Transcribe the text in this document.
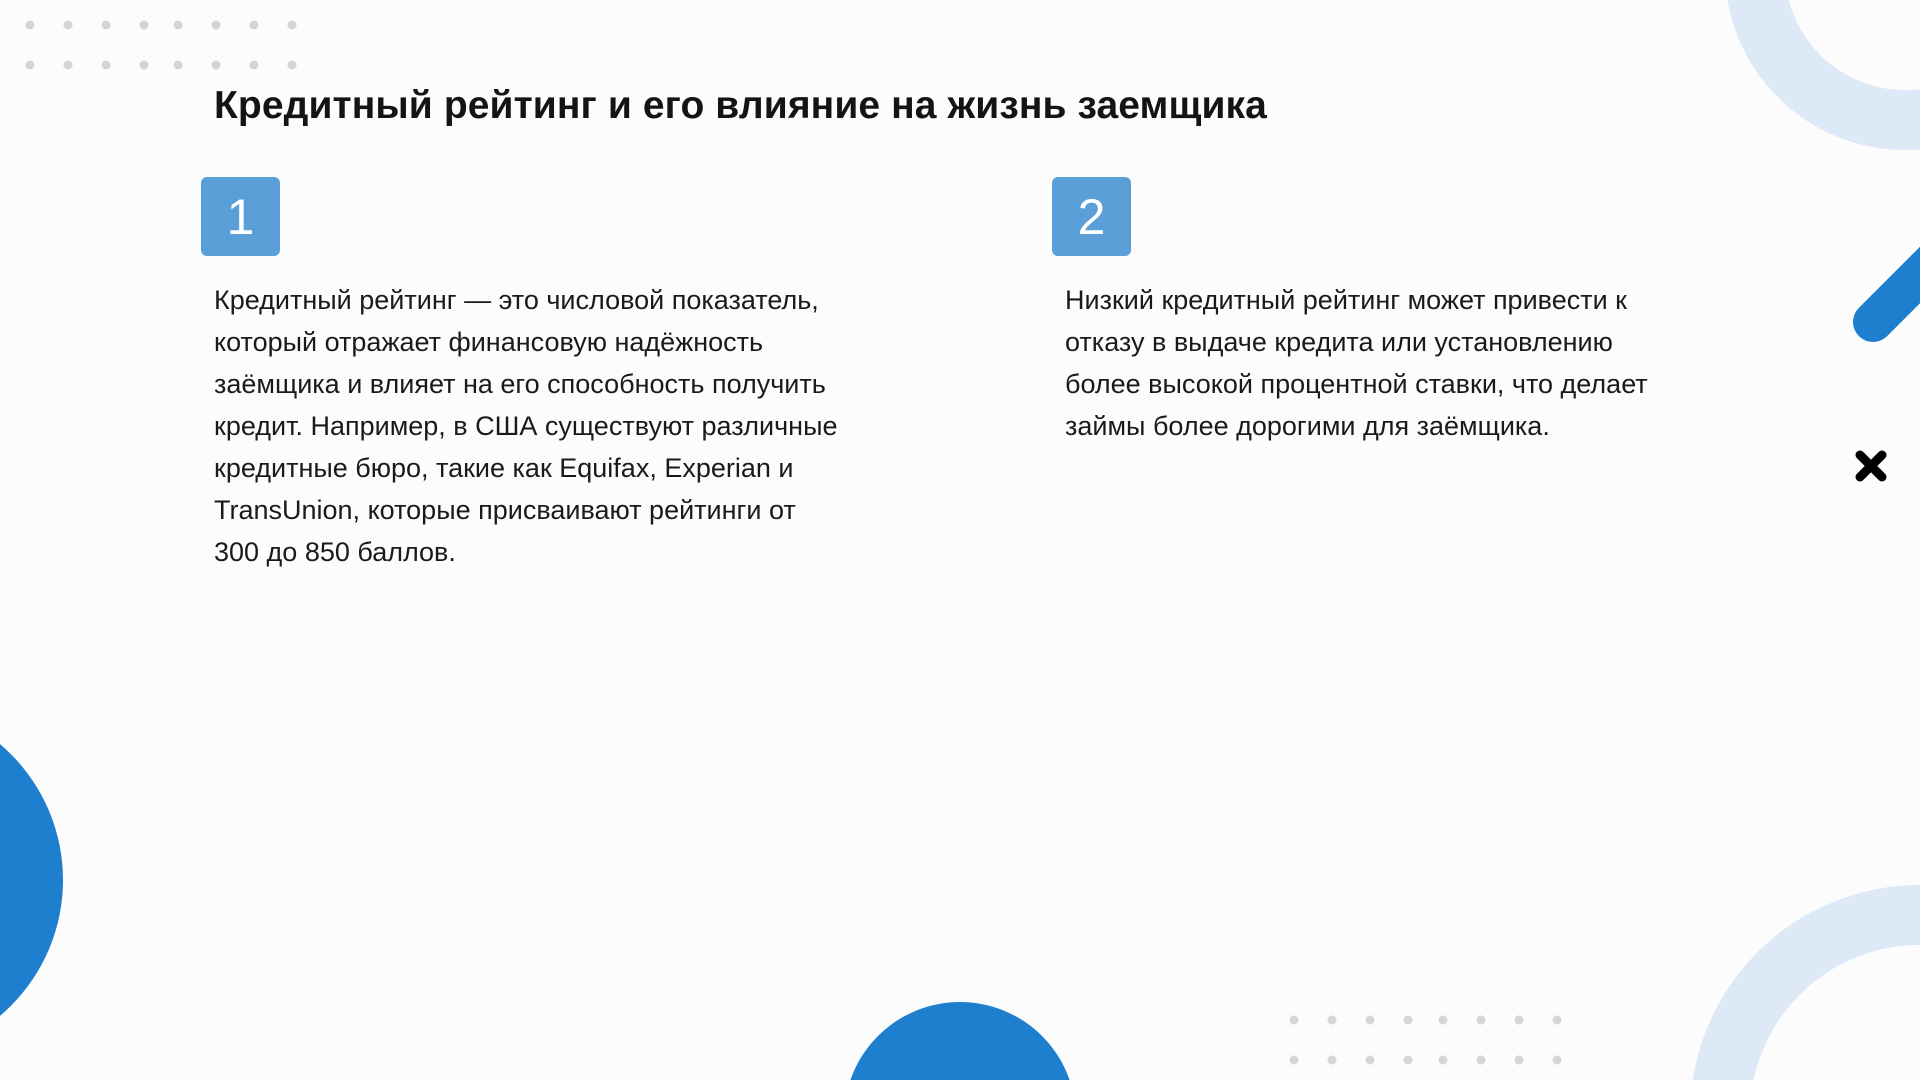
Кредитный рейтинг и его влияние на жизнь заемщика
1
Кредитный рейтинг — это числовой показатель, который отражает финансовую надёжность заёмщика и влияет на его способность получить кредит. Например, в США существуют различные кредитные бюро, такие как Equifax, Experian и TransUnion, которые присваивают рейтинги от 300 до 850 баллов.
2
Низкий кредитный рейтинг может привести к отказу в выдаче кредита или установлению более высокой процентной ставки, что делает займы более дорогими для заёмщика.
